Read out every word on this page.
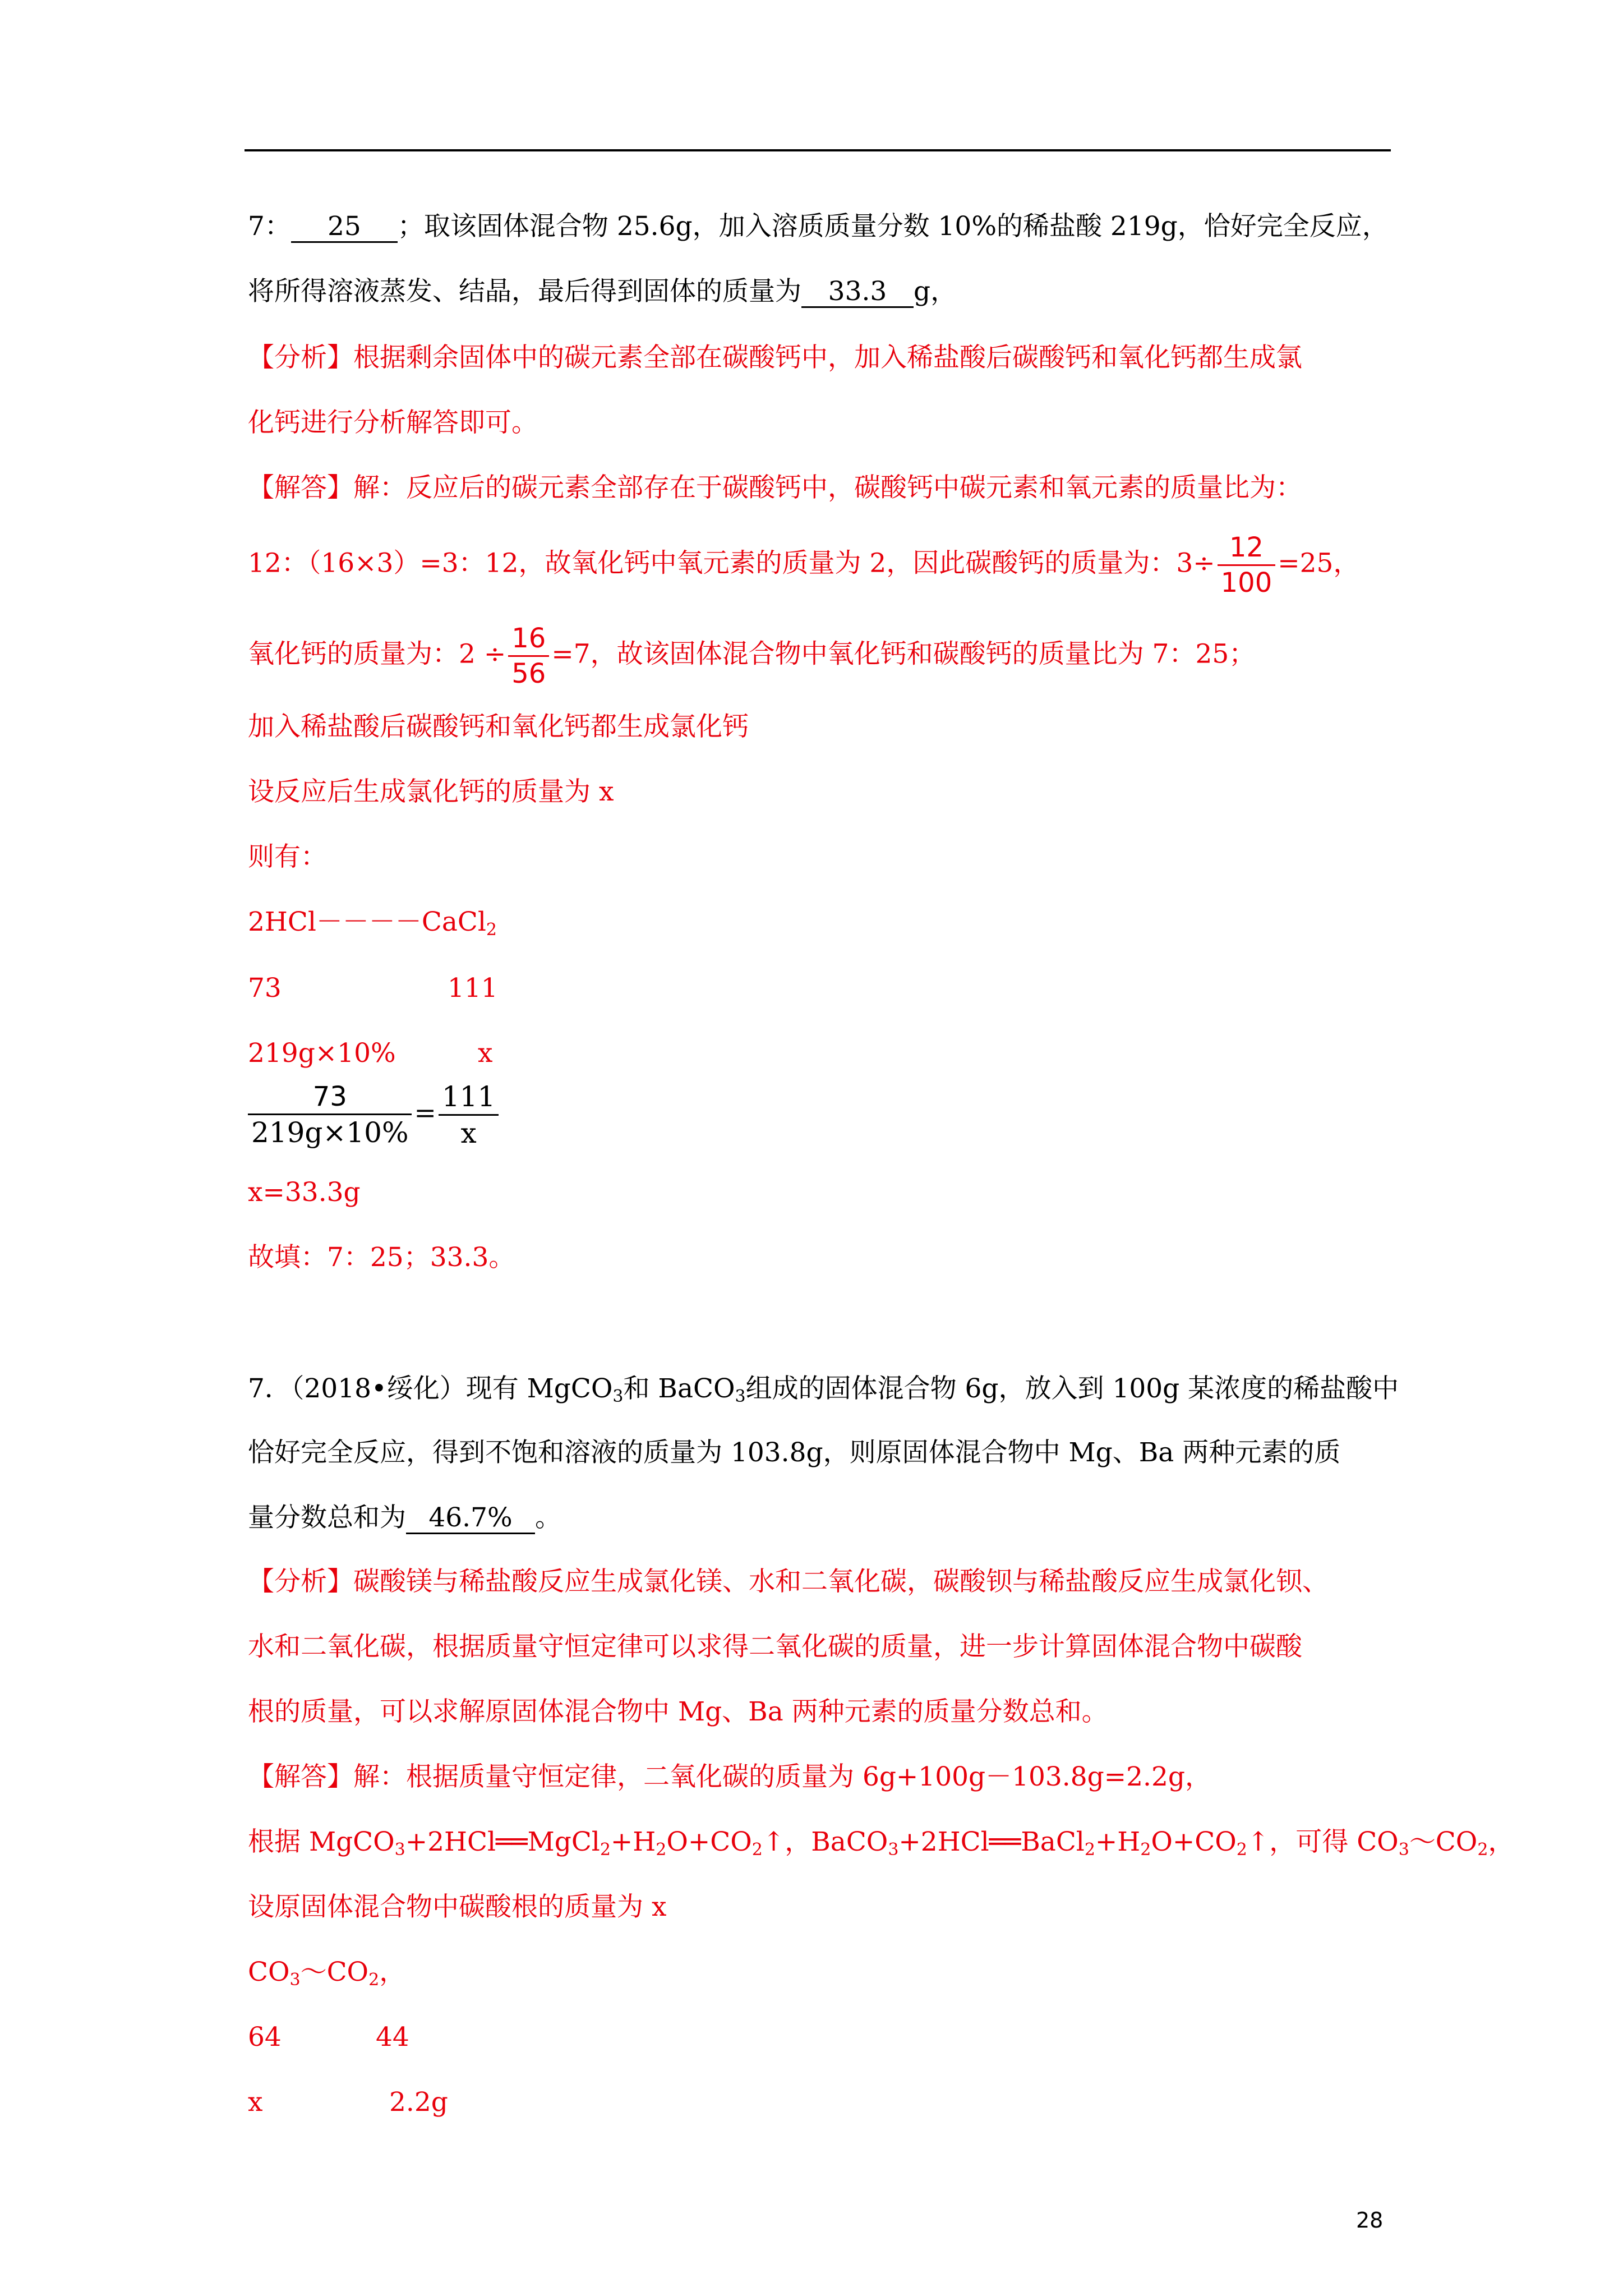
7： 25 ；取该固体混合物 25.6g，加入溶质质量分数 10%的稀盐酸 219g，恰好完全反应，
将所得溶液蒸发、结晶，最后得到固体的质量为 33.3 g，
【分析】根据剩余固体中的碳元素全部在碳酸钙中，加入稀盐酸后碳酸钙和氧化钙都生成氯
化钙进行分析解答即可。
【解答】解：反应后的碳元素全部存在于碳酸钙中，碳酸钙中碳元素和氧元素的质量比为：
12：（16×3）=3：12，故氧化钙中氧元素的质量为 2，因此碳酸钙的质量为：$3\div \frac{12}{100} =25$，
氧化钙的质量为：$2 \div \frac{16}{56} =7$，故该固体混合物中氧化钙和碳酸钙的质量比为 7：25；
加入稀盐酸后碳酸钙和氧化钙都生成氯化钙
设反应后生成氯化钙的质量为 x
则有：
2HCl－－－－CaCl$_2$
73	111
219g×10%	x
$\frac{73}{219g\times 10\%} = \frac{111}{x}$
x=33.3g
故填：7：25；33.3。
7．（2018•绥化）现有 MgCO$_3$和 BaCO$_3$组成的固体混合物 6g，放入到 100g 某浓度的稀盐酸中
恰好完全反应，得到不饱和溶液的质量为 103.8g，则原固体混合物中 Mg、Ba 两种元素的质
量分数总和为 46.7% 。
【分析】碳酸镁与稀盐酸反应生成氯化镁、水和二氧化碳，碳酸钡与稀盐酸反应生成氯化钡、
水和二氧化碳，根据质量守恒定律可以求得二氧化碳的质量，进一步计算固体混合物中碳酸
根的质量，可以求解原固体混合物中 Mg、Ba 两种元素的质量分数总和。
【解答】解：根据质量守恒定律，二氧化碳的质量为 6g+100g－103.8g=2.2g，
根据 $MgCO_3+2HCl══MgCl_2+H_2O+CO_2↑$，$BaCO_3+2HCl══BaCl_2+H_2O+CO_2↑$，可得 $CO_3\sim CO_2$，
设原固体混合物中碳酸根的质量为 x
$CO_3\sim CO_2$，
64	44
x	2.2g
28
